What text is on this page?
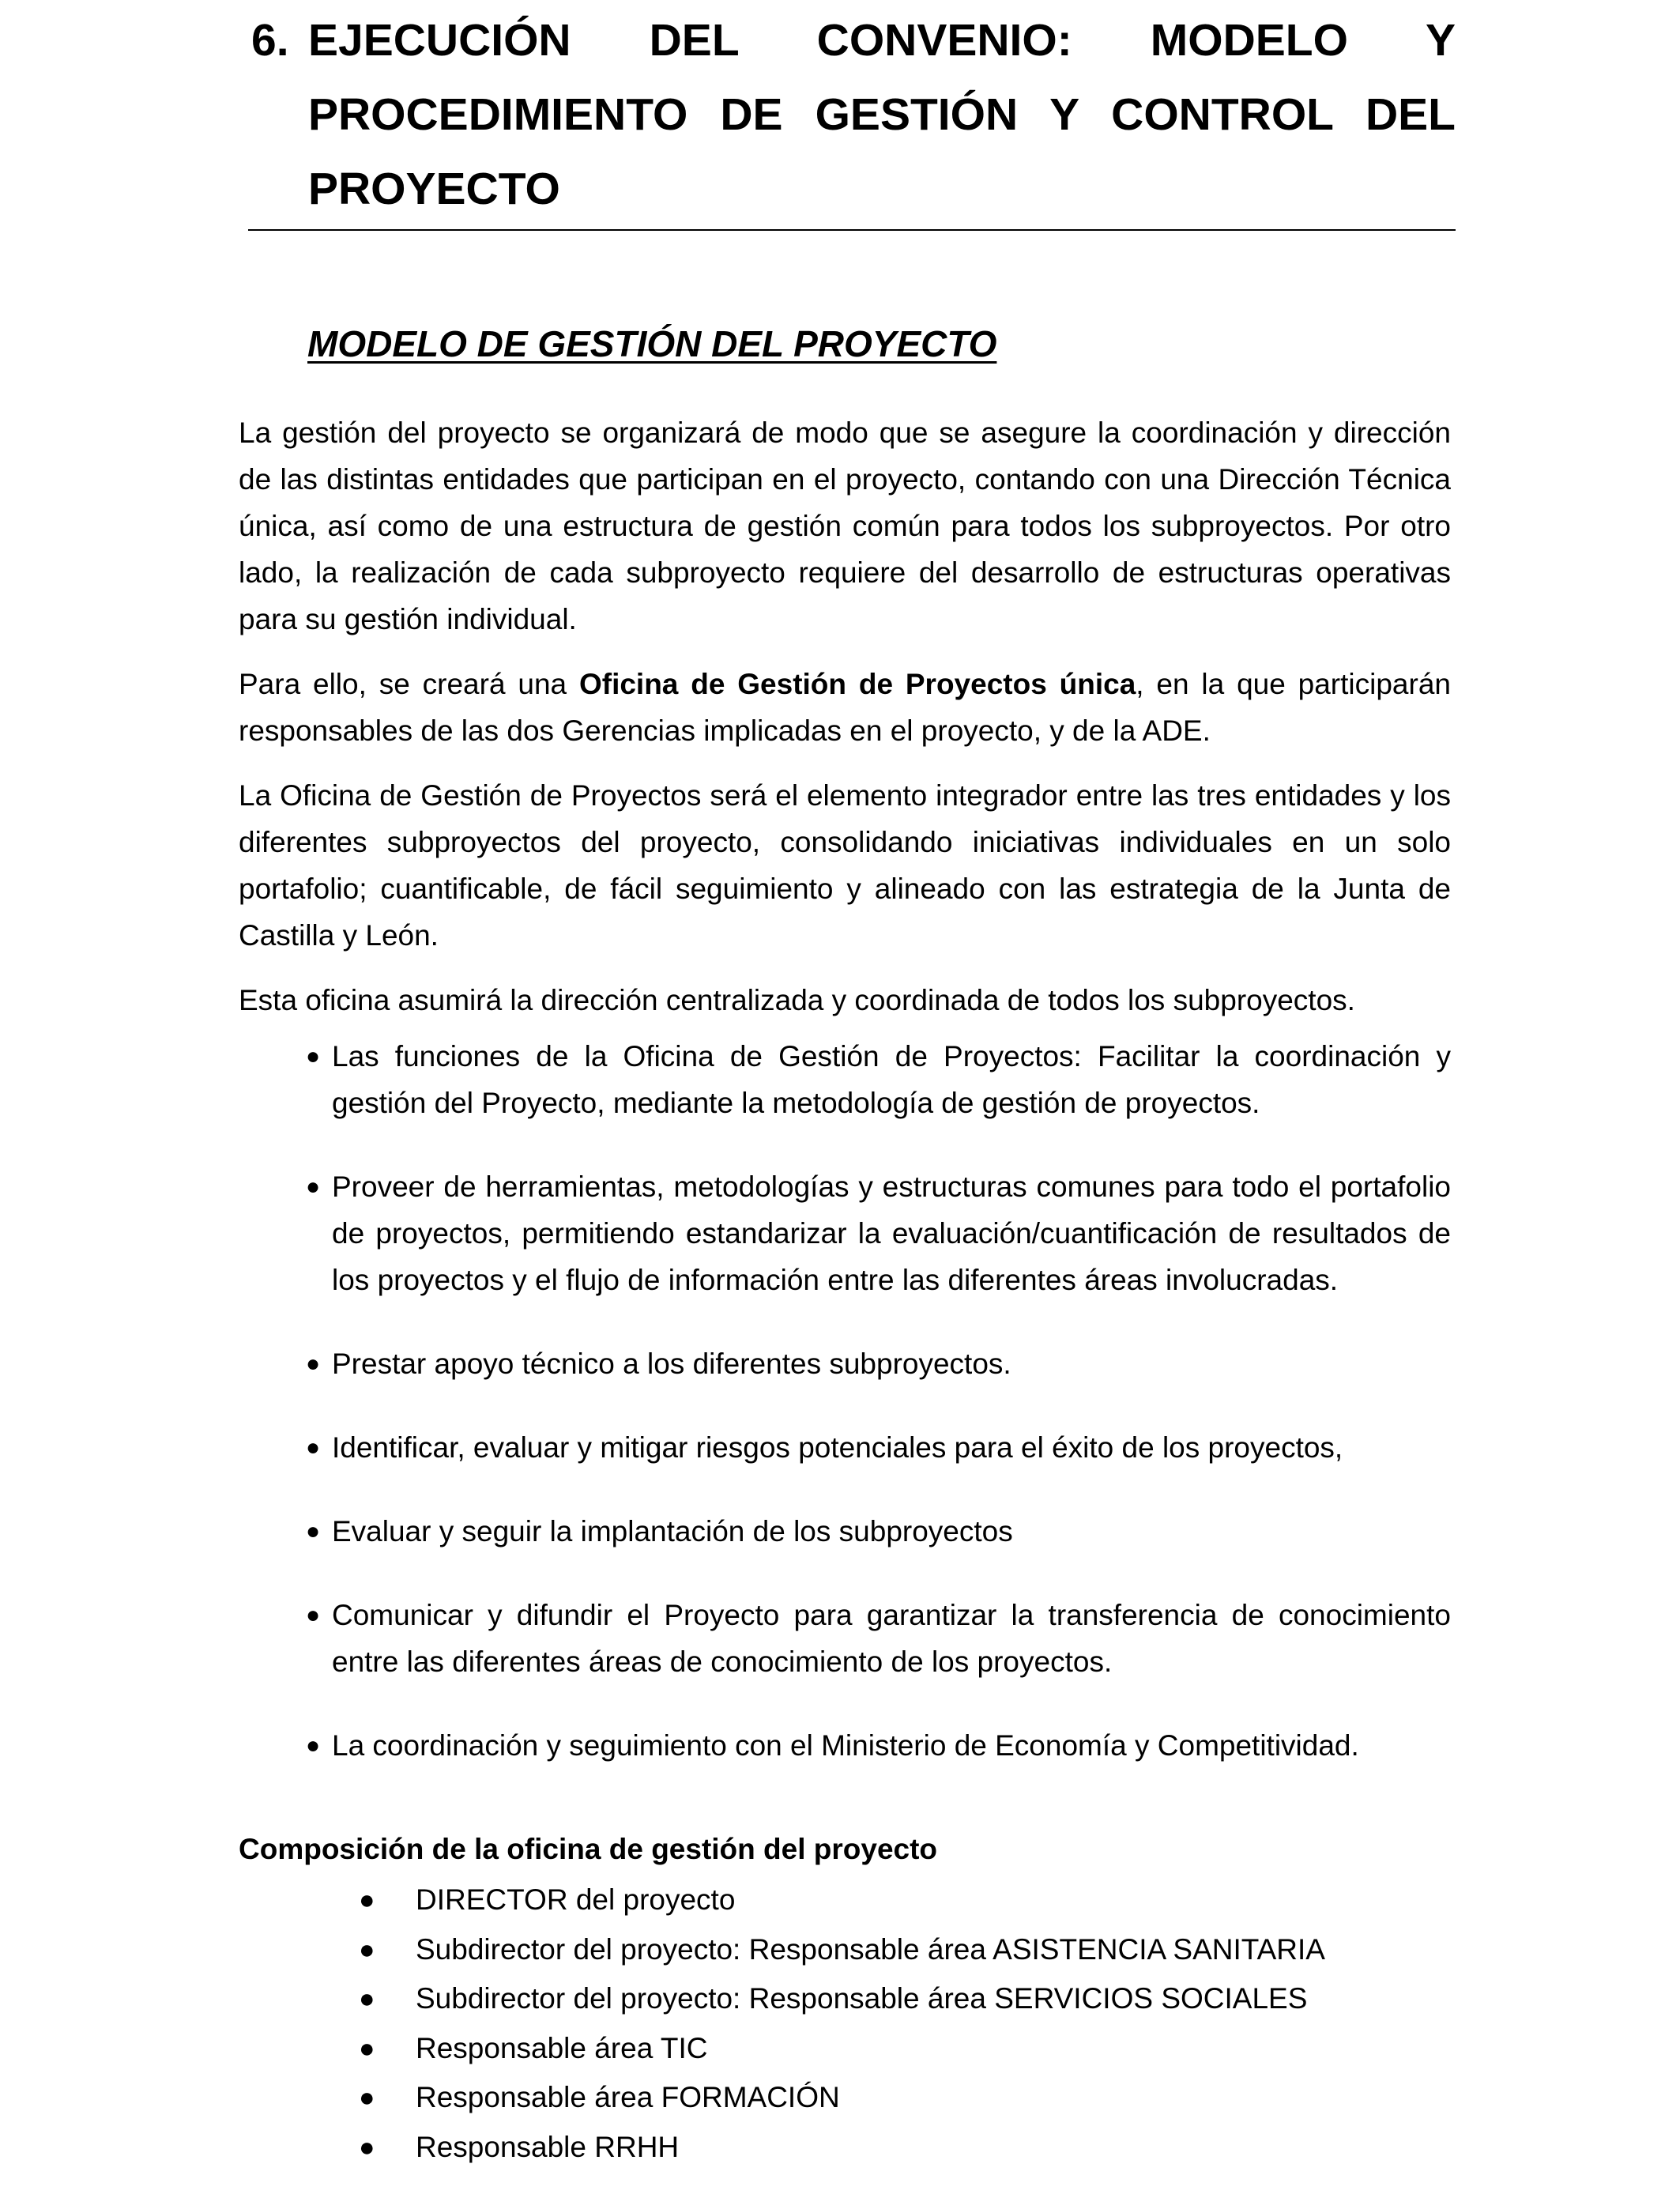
6. EJECUCIÓN DEL CONVENIO: MODELO Y PROCEDIMIENTO DE GESTIÓN Y CONTROL DEL PROYECTO
MODELO DE GESTIÓN DEL PROYECTO

La gestión del proyecto se organizará de modo que se asegure la coordinación y dirección de las distintas entidades que participan en el proyecto, contando con una Dirección Técnica única, así como de una estructura de gestión común para todos los subproyectos. Por otro lado, la realización de cada subproyecto requiere del desarrollo de estructuras operativas para su gestión individual.

Para ello, se creará una Oficina de Gestión de Proyectos única, en la que participarán responsables de las dos Gerencias implicadas en el proyecto, y de la ADE.

La Oficina de Gestión de Proyectos será el elemento integrador entre las tres entidades y los diferentes subproyectos del proyecto, consolidando iniciativas individuales en un solo portafolio; cuantificable, de fácil seguimiento y alineado con las estrategia de la Junta de Castilla y León.

Esta oficina asumirá la dirección centralizada y coordinada de todos los subproyectos.

● Las funciones de la Oficina de Gestión de Proyectos: Facilitar la coordinación y gestión del Proyecto, mediante la metodología de gestión de proyectos.
● Proveer de herramientas, metodologías y estructuras comunes para todo el portafolio de proyectos, permitiendo estandarizar la evaluación/cuantificación de resultados de los proyectos y el flujo de información entre las diferentes áreas involucradas.
● Prestar apoyo técnico a los diferentes subproyectos.
● Identificar, evaluar y mitigar riesgos potenciales para el éxito de los proyectos,
● Evaluar y seguir la implantación de los subproyectos
● Comunicar y difundir el Proyecto para garantizar la transferencia de conocimiento entre las diferentes áreas de conocimiento de los proyectos.
● La coordinación y seguimiento con el Ministerio de Economía y Competitividad.
Composición de la oficina de gestión del proyecto
● DIRECTOR del proyecto
● Subdirector del proyecto: Responsable área ASISTENCIA SANITARIA
● Subdirector del proyecto: Responsable área SERVICIOS SOCIALES
● Responsable área TIC
● Responsable área FORMACIÓN
● Responsable RRHH
